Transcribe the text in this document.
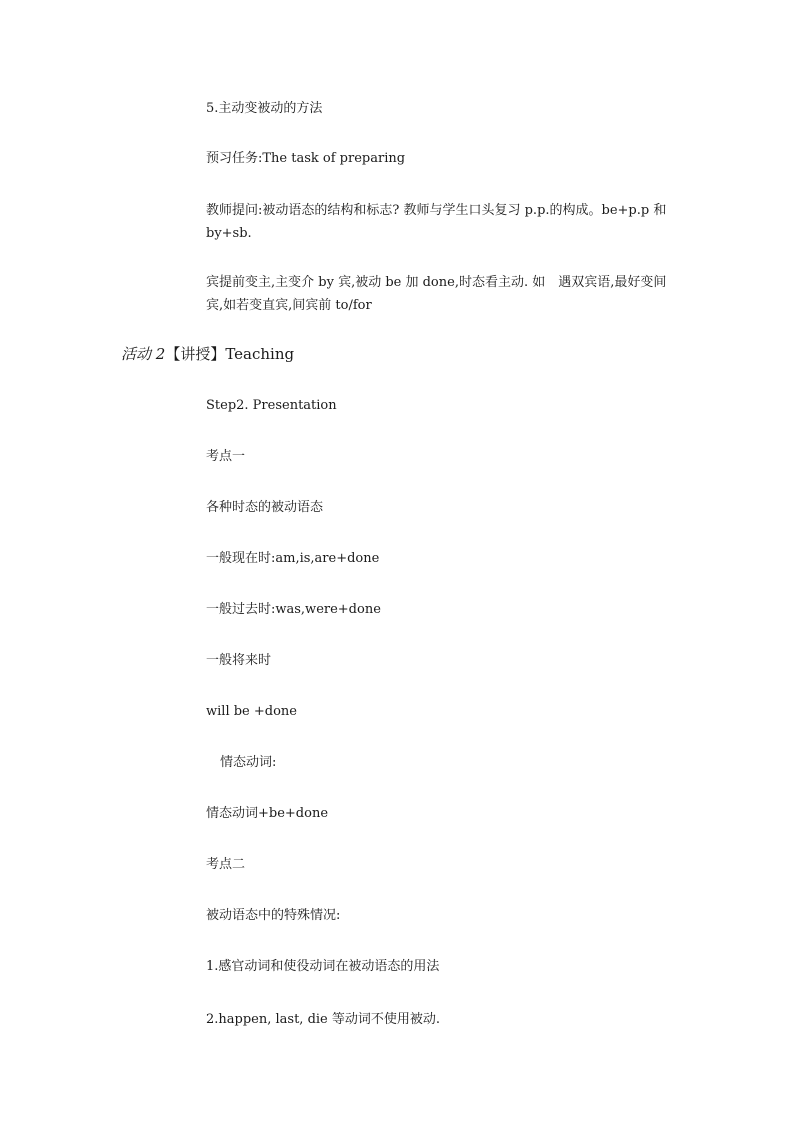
5.主动变被动的方法
预习任务:The task of preparing
教师提问:被动语态的结构和标志? 教师与学生口头复习 p.p.的构成。be+p.p 和 by+sb.
宾提前变主,主变介 by 宾,被动 be 加 done,时态看主动. 如　遇双宾语,最好变间宾,如若变直宾,间宾前 to/for
活动 2【讲授】Teaching
Step2. Presentation
考点一
各种时态的被动语态
一般现在时:am,is,are+done
一般过去时:was,were+done
一般将来时
will be +done
情态动词:
情态动词+be+done
考点二
被动语态中的特殊情况:
1.感官动词和使役动词在被动语态的用法
2.happen, last, die 等动词不使用被动.
